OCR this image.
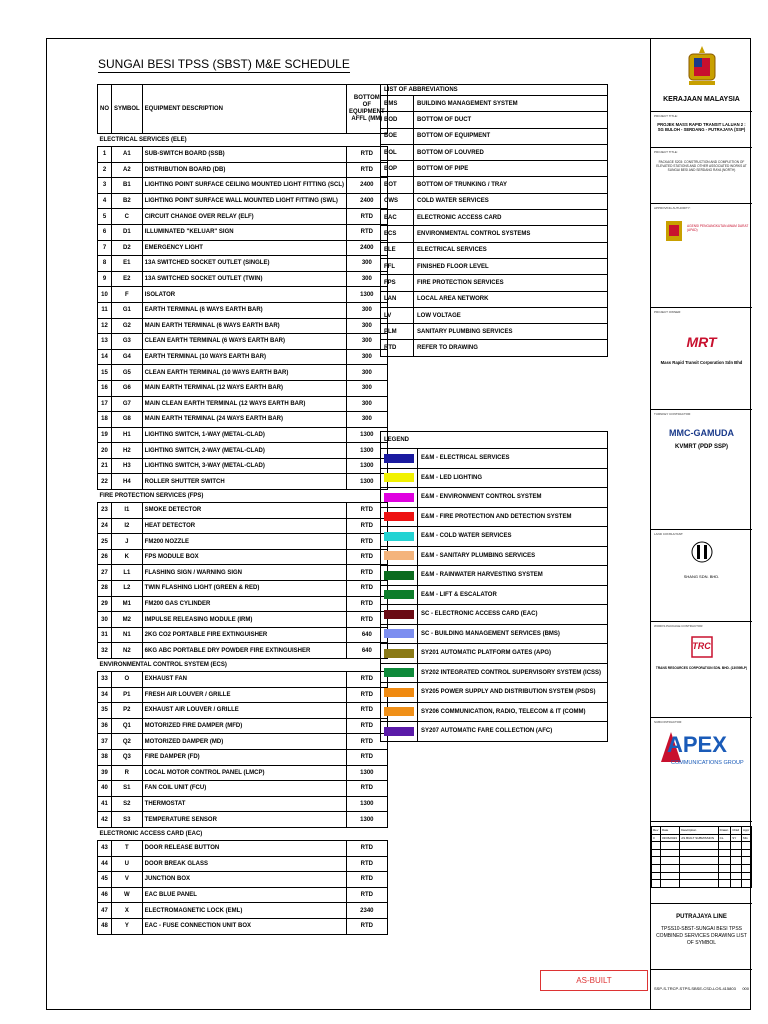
SUNGAI BESI TPSS (SBST) M&E SCHEDULE
NO	SYMBOL	EQUIPMENT DESCRIPTION	BOTTOM OF EQUIPMENT AFFL (MM)
ELECTRICAL SERVICES (ELE)			
1	A1	SUB-SWITCH BOARD (SSB)	RTD
2	A2	DISTRIBUTION BOARD (DB)	RTD
3	B1	LIGHTING POINT SURFACE CEILING MOUNTED LIGHT FITTING (SCL)	2400
4	B2	LIGHTING POINT SURFACE WALL MOUNTED LIGHT FITTING (SWL)	2400
5	C	CIRCUIT CHANGE OVER RELAY (ELF)	RTD
6	D1	ILLUMINATED "KELUAR" SIGN	RTD
7	D2	EMERGENCY LIGHT	2400
8	E1	13A SWITCHED SOCKET OUTLET (SINGLE)	300
9	E2	13A SWITCHED SOCKET OUTLET (TWIN)	300
10	F	ISOLATOR	1300
11	G1	EARTH TERMINAL (6 WAYS EARTH BAR)	300
12	G2	MAIN EARTH TERMINAL (6 WAYS EARTH BAR)	300
13	G3	CLEAN EARTH TERMINAL (6 WAYS EARTH BAR)	300
14	G4	EARTH TERMINAL (10 WAYS EARTH BAR)	300
15	G5	CLEAN EARTH TERMINAL (10 WAYS EARTH BAR)	300
16	G6	MAIN EARTH TERMINAL (12 WAYS EARTH BAR)	300
17	G7	MAIN CLEAN EARTH TERMINAL (12 WAYS EARTH BAR)	300
18	G8	MAIN EARTH TERMINAL (24 WAYS EARTH BAR)	300
19	H1	LIGHTING SWITCH, 1-WAY (METAL-CLAD)	1300
20	H2	LIGHTING SWITCH, 2-WAY (METAL-CLAD)	1300
21	H3	LIGHTING SWITCH, 3-WAY (METAL-CLAD)	1300
22	H4	ROLLER SHUTTER SWITCH	1300
FIRE PROTECTION SERVICES (FPS)			
23	I1	SMOKE DETECTOR	RTD
24	I2	HEAT DETECTOR	RTD
25	J	FM200 NOZZLE	RTD
26	K	FPS MODULE BOX	RTD
27	L1	FLASHING SIGN / WARNING SIGN	RTD
28	L2	TWIN FLASHING LIGHT (GREEN & RED)	RTD
29	M1	FM200 GAS CYLINDER	RTD
30	M2	IMPULSE RELEASING MODULE (IRM)	RTD
31	N1	2KG CO2 PORTABLE FIRE EXTINGUISHER	640
32	N2	6KG ABC PORTABLE DRY POWDER FIRE EXTINGUISHER	640
ENVIRONMENTAL CONTROL SYSTEM (ECS)			
33	O	EXHAUST FAN	RTD
34	P1	FRESH AIR LOUVER / GRILLE	RTD
35	P2	EXHAUST AIR LOUVER / GRILLE	RTD
36	Q1	MOTORIZED FIRE DAMPER (MFD)	RTD
37	Q2	MOTORIZED DAMPER (MD)	RTD
38	Q3	FIRE DAMPER (FD)	RTD
39	R	LOCAL MOTOR CONTROL PANEL (LMCP)	1300
40	S1	FAN COIL UNIT (FCU)	RTD
41	S2	THERMOSTAT	1300
42	S3	TEMPERATURE SENSOR	1300
ELECTRONIC ACCESS CARD (EAC)			
43	T	DOOR RELEASE BUTTON	RTD
44	U	DOOR BREAK GLASS	RTD
45	V	JUNCTION BOX	RTD
46	W	EAC BLUE PANEL	RTD
47	X	ELECTROMAGNETIC LOCK (EML)	2340
48	Y	EAC - FUSE CONNECTION UNIT BOX	RTD
LIST OF ABBREVIATIONS	
BMS	BUILDING MANAGEMENT SYSTEM
BOD	BOTTOM OF DUCT
BOE	BOTTOM OF EQUIPMENT
BOL	BOTTOM OF LOUVRED
BOP	BOTTOM OF PIPE
BOT	BOTTOM OF TRUNKING / TRAY
CWS	COLD WATER SERVICES
EAC	ELECTRONIC ACCESS CARD
ECS	ENVIRONMENTAL CONTROL SYSTEMS
ELE	ELECTRICAL SERVICES
FFL	FINISHED FLOOR LEVEL
FPS	FIRE PROTECTION SERVICES
LAN	LOCAL AREA NETWORK
LV	LOW VOLTAGE
PLM	SANITARY PLUMBING SERVICES
RTD	REFER TO DRAWING
LEGEND	

	E&M - ELECTRICAL SERVICES

	E&M - LED LIGHTING

	E&M - ENVIRONMENT CONTROL SYSTEM

	E&M - FIRE PROTECTION AND DETECTION SYSTEM

	E&M - COLD WATER SERVICES

	E&M - SANITARY PLUMBING SERVICES

	E&M - RAINWATER HARVESTING SYSTEM

	E&M - LIFT & ESCALATOR

	SC - ELECTRONIC ACCESS CARD (EAC)

	SC - BUILDING MANAGEMENT SERVICES (BMS)

	SY201 AUTOMATIC PLATFORM GATES (APG)

	SY202 INTEGRATED CONTROL SUPERVISORY SYSTEM (ICSS)

	SY205 POWER SUPPLY AND DISTRIBUTION SYSTEM (PSDS)

	SY206 COMMUNICATION, RADIO, TELECOM & IT (COMM)

	SY207 AUTOMATIC FARE COLLECTION (AFC)
AS-BUILT
KERAJAAN MALAYSIA
PROJECT TITLE:
PROJEK MASS RAPID TRANSIT LALUAN 2 : SG BULOH - SERDANG - PUTRAJAYA (SSP)
PROJECT TITLE:
PACKAGE S203: CONSTRUCTION AND COMPLETION OF ELEVATED STATIONS AND OTHER ASSOCIATED WORKS AT SUNGAI BESI AND SERDANG RAYA (NORTH)
APPROVING AUTHORITY:
AGENSI PENGANGKUTAN AWAM DARAT (APAD)
PROJECT OWNER:
MRT
Mass Rapid Transit Corporation Sdn Bhd
TURNKEY CONTRACTOR:
MMC-GAMUDA
KVMRT (PDP SSP)
LAND CONSULTANT:
SHANG SDN. BHD.
WORKS PACKAGE CONTRACTOR:
TRC
TRANS RESOURCES CORPORATION SDN. BHD. (13059B-P)
SUBCONTRACTOR:
APEX
COMMUNICATIONS GROUP
Rev	Date	Description	Drawn	Chkd	Appr
0	03/06/2023	AS BUILT SUBMISSION	CL	SY	MG

PUTRAJAYA LINE
TPSS10-SBST-SUNGAI BESI TPSS COMBINED SERVICES DRAWING LIST OF SYMBOL
SSP-S-TRCP-STPS-SBSE-CSD-LOS-415803 000
